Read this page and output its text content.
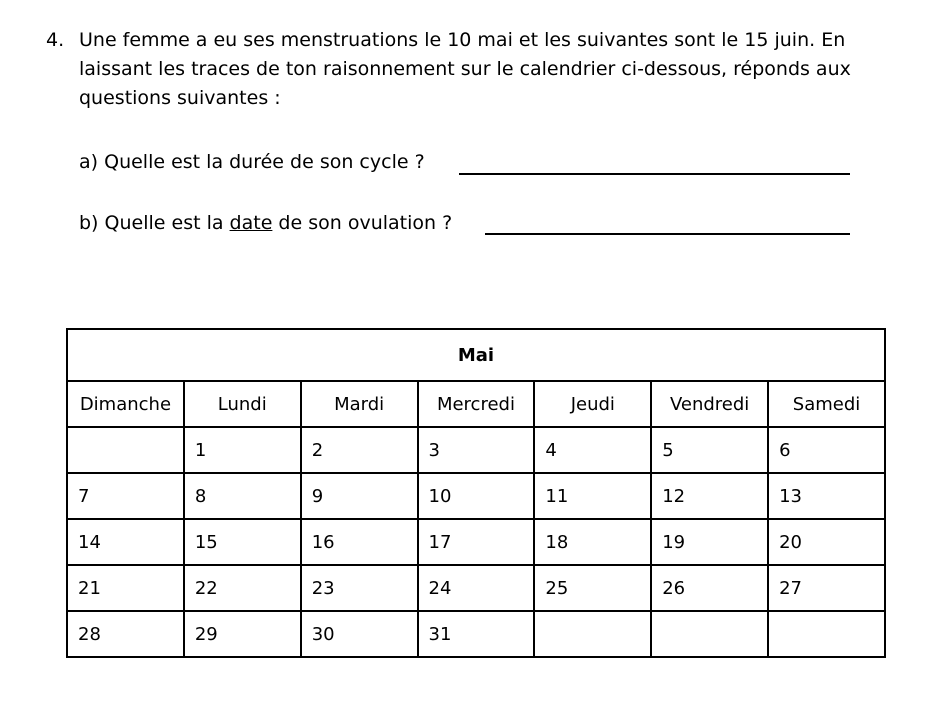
4. Une femme a eu ses menstruations le 10 mai et les suivantes sont le 15 juin. En laissant les traces de ton raisonnement sur le calendrier ci-dessous, réponds aux questions suivantes :
a) Quelle est la durée de son cycle ?
b) Quelle est la date de son ovulation ?
Mai						
Dimanche	Lundi	Mardi	Mercredi	Jeudi	Vendredi	Samedi
	1	2	3	4	5	6
7	8	9	10	11	12	13
14	15	16	17	18	19	20
21	22	23	24	25	26	27
28	29	30	31			
